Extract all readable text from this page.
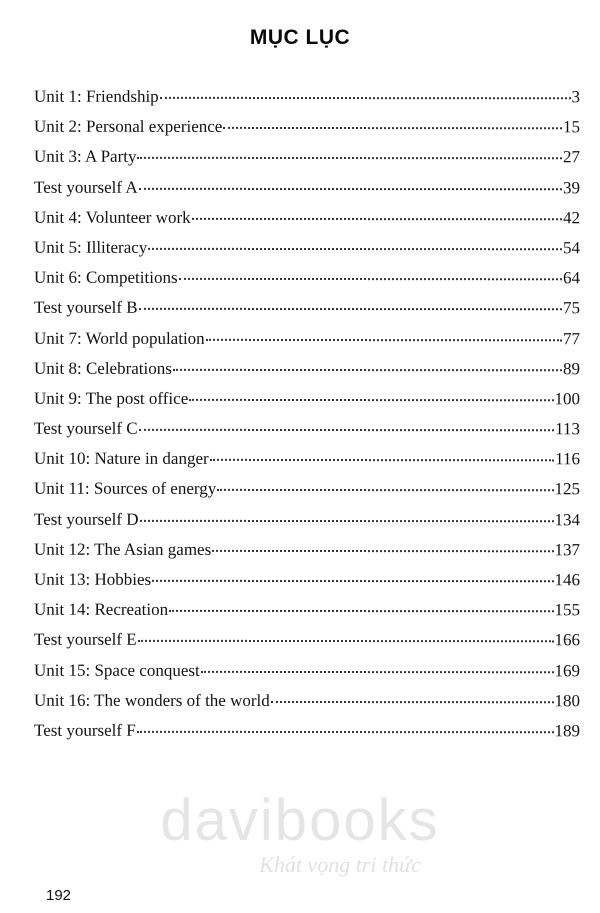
MỤC LỤC
Unit 1: Friendship	3
Unit 2: Personal experience	15
Unit 3: A Party	27
Test yourself A	39
Unit 4: Volunteer work	42
Unit 5: Illiteracy	54
Unit 6: Competitions	64
Test yourself B	75
Unit 7: World population	77
Unit 8: Celebrations	89
Unit 9: The post office	100
Test yourself C	113
Unit 10: Nature in danger	116
Unit 11: Sources of energy	125
Test yourself D	134
Unit 12: The Asian games	137
Unit 13: Hobbies	146
Unit 14: Recreation	155
Test yourself E	166
Unit 15: Space conquest	169
Unit 16: The wonders of the world	180
Test yourself F	189
davibooks
Khát vọng tri thức
192
